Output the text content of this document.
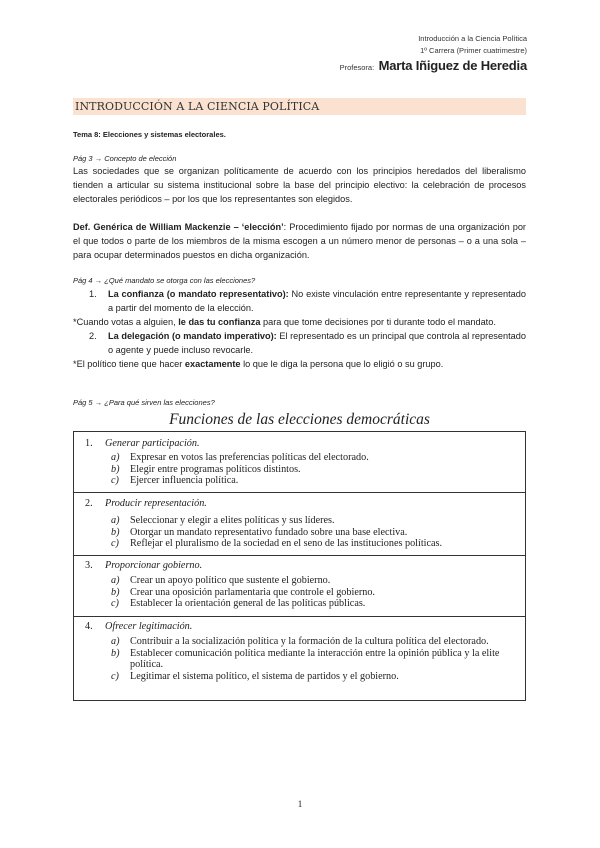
Introducción a la Ciencia Política
1º Carrera (Primer cuatrimestre)
Profesora: Marta Iñiguez de Heredia
INTRODUCCIÓN A LA CIENCIA POLÍTICA
Tema 8: Elecciones y sistemas electorales.
Pág 3 → Concepto de elección
Las sociedades que se organizan políticamente de acuerdo con los principios heredados del liberalismo tienden a articular su sistema institucional sobre la base del principio electivo: la celebración de procesos electorales periódicos – por los que los representantes son elegidos.
Def. Genérica de William Mackenzie – ‘elección’: Procedimiento fijado por normas de una organización por el que todos o parte de los miembros de la misma escogen a un número menor de personas – o a una sola – para ocupar determinados puestos en dicha organización.
Pág 4 → ¿Qué mandato se otorga con las elecciones?
1. La confianza (o mandato representativo): No existe vinculación entre representante y representado a partir del momento de la elección.
*Cuando votas a alguien, le das tu confianza para que tome decisiones por ti durante todo el mandato.
2. La delegación (o mandato imperativo): El representado es un principal que controla al representado o agente y puede incluso revocarle.
*El político tiene que hacer exactamente lo que le diga la persona que lo eligió o su grupo.
Pág 5 → ¿Para qué sirven las elecciones?
Funciones de las elecciones democráticas
1. Generar participación.
a) Expresar en votos las preferencias políticas del electorado.
b) Elegir entre programas políticos distintos.
c) Ejercer influencia política.
2. Producir representación.
a) Seleccionar y elegir a elites políticas y sus líderes.
b) Otorgar un mandato representativo fundado sobre una base electiva.
c) Reflejar el pluralismo de la sociedad en el seno de las instituciones políticas.
3. Proporcionar gobierno.
a) Crear un apoyo político que sustente el gobierno.
b) Crear una oposición parlamentaria que controle el gobierno.
c) Establecer la orientación general de las políticas públicas.
4. Ofrecer legitimación.
a) Contribuir a la socialización política y la formación de la cultura política del electorado.
b) Establecer comunicación política mediante la interacción entre la opinión pública y la elite política.
c) Legitimar el sistema político, el sistema de partidos y el gobierno.
1
